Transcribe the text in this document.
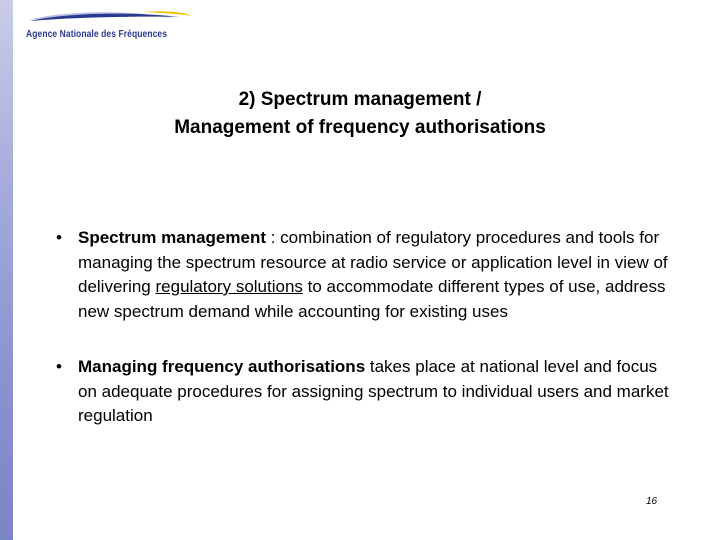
Agence Nationale des Fréquences
2) Spectrum management /
Management of frequency authorisations
• Spectrum management : combination of regulatory procedures and tools for managing the spectrum resource at radio service or application level in view of delivering regulatory solutions to accommodate different types of use, address new spectrum demand while accounting for existing uses
• Managing frequency authorisations takes place at national level and focus on adequate procedures for assigning spectrum to individual users and market regulation
16
